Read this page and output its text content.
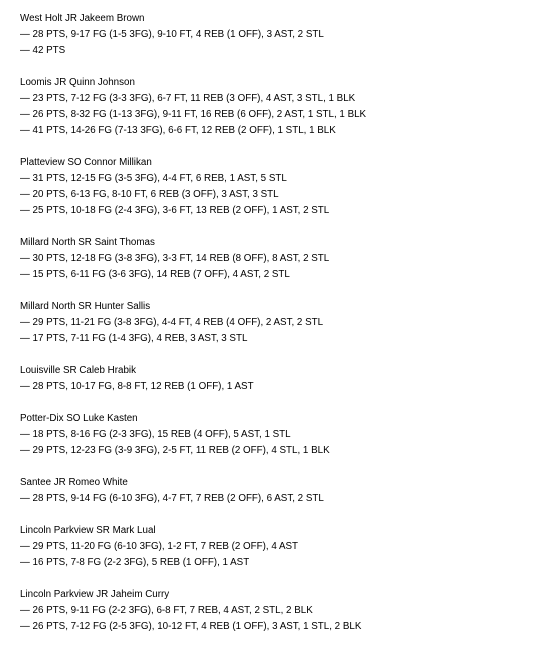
West Holt JR Jakeem Brown
— 28 PTS, 9-17 FG (1-5 3FG), 9-10 FT, 4 REB (1 OFF), 3 AST, 2 STL
— 42 PTS
Loomis JR Quinn Johnson
— 23 PTS, 7-12 FG (3-3 3FG), 6-7 FT, 11 REB (3 OFF), 4 AST, 3 STL, 1 BLK
— 26 PTS, 8-32 FG (1-13 3FG), 9-11 FT, 16 REB (6 OFF), 2 AST, 1 STL, 1 BLK
— 41 PTS, 14-26 FG (7-13 3FG), 6-6 FT, 12 REB (2 OFF), 1 STL, 1 BLK
Platteview SO Connor Millikan
— 31 PTS, 12-15 FG (3-5 3FG), 4-4 FT, 6 REB, 1 AST, 5 STL
— 20 PTS, 6-13 FG, 8-10 FT, 6 REB (3 OFF), 3 AST, 3 STL
— 25 PTS, 10-18 FG (2-4 3FG), 3-6 FT, 13 REB (2 OFF), 1 AST, 2 STL
Millard North SR Saint Thomas
— 30 PTS, 12-18 FG (3-8 3FG), 3-3 FT, 14 REB (8 OFF), 8 AST, 2 STL
— 15 PTS, 6-11 FG (3-6 3FG), 14 REB (7 OFF), 4 AST, 2 STL
Millard North SR Hunter Sallis
— 29 PTS, 11-21 FG (3-8 3FG), 4-4 FT, 4 REB (4 OFF), 2 AST, 2 STL
— 17 PTS, 7-11 FG (1-4 3FG), 4 REB, 3 AST, 3 STL
Louisville SR Caleb Hrabik
— 28 PTS, 10-17 FG, 8-8 FT, 12 REB (1 OFF), 1 AST
Potter-Dix SO Luke Kasten
— 18 PTS, 8-16 FG (2-3 3FG), 15 REB (4 OFF), 5 AST, 1 STL
— 29 PTS, 12-23 FG (3-9 3FG), 2-5 FT, 11 REB (2 OFF), 4 STL, 1 BLK
Santee JR Romeo White
— 28 PTS, 9-14 FG (6-10 3FG), 4-7 FT, 7 REB (2 OFF), 6 AST, 2 STL
Lincoln Parkview SR Mark Lual
— 29 PTS, 11-20 FG (6-10 3FG), 1-2 FT, 7 REB (2 OFF), 4 AST
— 16 PTS, 7-8 FG (2-2 3FG), 5 REB (1 OFF), 1 AST
Lincoln Parkview JR Jaheim Curry
— 26 PTS, 9-11 FG (2-2 3FG), 6-8 FT, 7 REB, 4 AST, 2 STL, 2 BLK
— 26 PTS, 7-12 FG (2-5 3FG), 10-12 FT, 4 REB (1 OFF), 3 AST, 1 STL, 2 BLK
